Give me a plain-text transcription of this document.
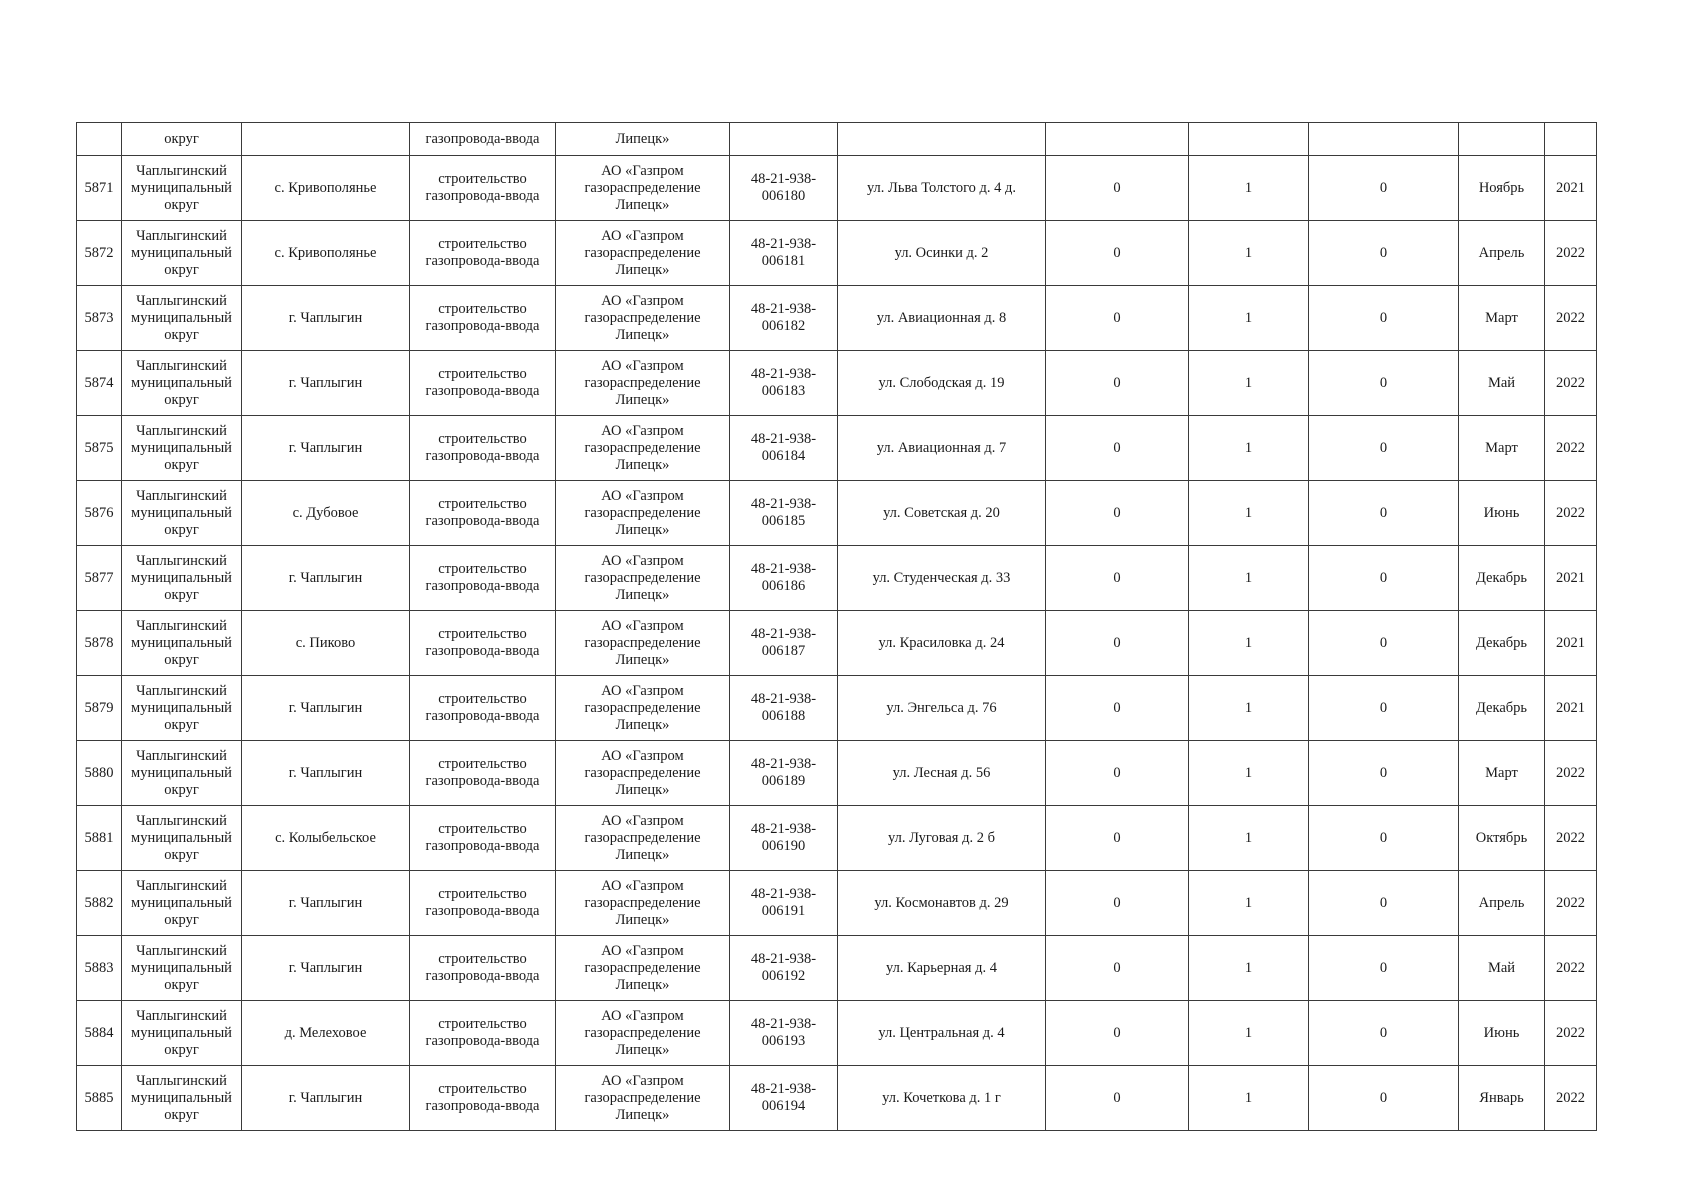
	округ		газопровода-ввода	Липецк»							
5871	Чаплыгинский
муниципальный
округ	с. Кривополянье	строительство
газопровода-ввода	АО «Газпром
газораспределение
Липецк»	48-21-938-
006180	ул. Льва Толстого д. 4 д.	0	1	0	Ноябрь	2021
5872	Чаплыгинский
муниципальный
округ	с. Кривополянье	строительство
газопровода-ввода	АО «Газпром
газораспределение
Липецк»	48-21-938-
006181	ул. Осинки д. 2	0	1	0	Апрель	2022
5873	Чаплыгинский
муниципальный
округ	г. Чаплыгин	строительство
газопровода-ввода	АО «Газпром
газораспределение
Липецк»	48-21-938-
006182	ул. Авиационная д. 8	0	1	0	Март	2022
5874	Чаплыгинский
муниципальный
округ	г. Чаплыгин	строительство
газопровода-ввода	АО «Газпром
газораспределение
Липецк»	48-21-938-
006183	ул. Слободская д. 19	0	1	0	Май	2022
5875	Чаплыгинский
муниципальный
округ	г. Чаплыгин	строительство
газопровода-ввода	АО «Газпром
газораспределение
Липецк»	48-21-938-
006184	ул. Авиационная д. 7	0	1	0	Март	2022
5876	Чаплыгинский
муниципальный
округ	с. Дубовое	строительство
газопровода-ввода	АО «Газпром
газораспределение
Липецк»	48-21-938-
006185	ул. Советская д. 20	0	1	0	Июнь	2022
5877	Чаплыгинский
муниципальный
округ	г. Чаплыгин	строительство
газопровода-ввода	АО «Газпром
газораспределение
Липецк»	48-21-938-
006186	ул. Студенческая д. 33	0	1	0	Декабрь	2021
5878	Чаплыгинский
муниципальный
округ	с. Пиково	строительство
газопровода-ввода	АО «Газпром
газораспределение
Липецк»	48-21-938-
006187	ул. Красиловка д. 24	0	1	0	Декабрь	2021
5879	Чаплыгинский
муниципальный
округ	г. Чаплыгин	строительство
газопровода-ввода	АО «Газпром
газораспределение
Липецк»	48-21-938-
006188	ул. Энгельса д. 76	0	1	0	Декабрь	2021
5880	Чаплыгинский
муниципальный
округ	г. Чаплыгин	строительство
газопровода-ввода	АО «Газпром
газораспределение
Липецк»	48-21-938-
006189	ул. Лесная д. 56	0	1	0	Март	2022
5881	Чаплыгинский
муниципальный
округ	с. Колыбельское	строительство
газопровода-ввода	АО «Газпром
газораспределение
Липецк»	48-21-938-
006190	ул. Луговая д. 2 б	0	1	0	Октябрь	2022
5882	Чаплыгинский
муниципальный
округ	г. Чаплыгин	строительство
газопровода-ввода	АО «Газпром
газораспределение
Липецк»	48-21-938-
006191	ул. Космонавтов д. 29	0	1	0	Апрель	2022
5883	Чаплыгинский
муниципальный
округ	г. Чаплыгин	строительство
газопровода-ввода	АО «Газпром
газораспределение
Липецк»	48-21-938-
006192	ул. Карьерная д. 4	0	1	0	Май	2022
5884	Чаплыгинский
муниципальный
округ	д. Мелеховое	строительство
газопровода-ввода	АО «Газпром
газораспределение
Липецк»	48-21-938-
006193	ул. Центральная д. 4	0	1	0	Июнь	2022
5885	Чаплыгинский
муниципальный
округ	г. Чаплыгин	строительство
газопровода-ввода	АО «Газпром
газораспределение
Липецк»	48-21-938-
006194	ул. Кочеткова д. 1 г	0	1	0	Январь	2022
